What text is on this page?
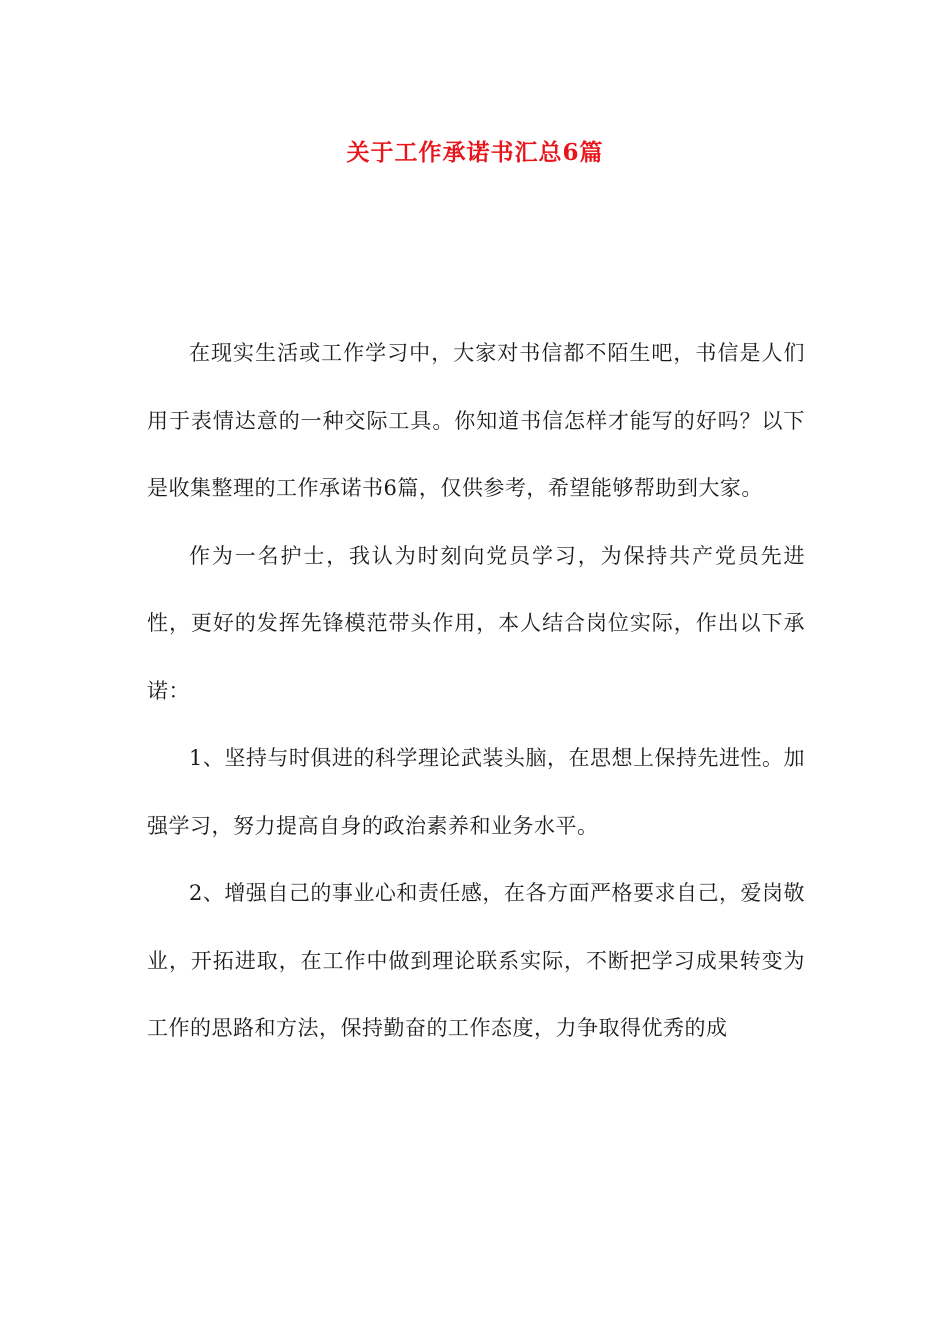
关于工作承诺书汇总6篇

在现实生活或工作学习中，大家对书信都不陌生吧，书信是人们用于表情达意的一种交际工具。你知道书信怎样才能写的好吗？以下是收集整理的工作承诺书6篇，仅供参考，希望能够帮助到大家。

作为一名护士，我认为时刻向党员学习，为保持共产党员先进性，更好的发挥先锋模范带头作用，本人结合岗位实际，作出以下承诺：

1、坚持与时俱进的科学理论武装头脑，在思想上保持先进性。加强学习，努力提高自身的政治素养和业务水平。

2、增强自己的事业心和责任感，在各方面严格要求自己，爱岗敬业，开拓进取，在工作中做到理论联系实际，不断把学习成果转变为工作的思路和方法，保持勤奋的工作态度，力争取得优秀的成
